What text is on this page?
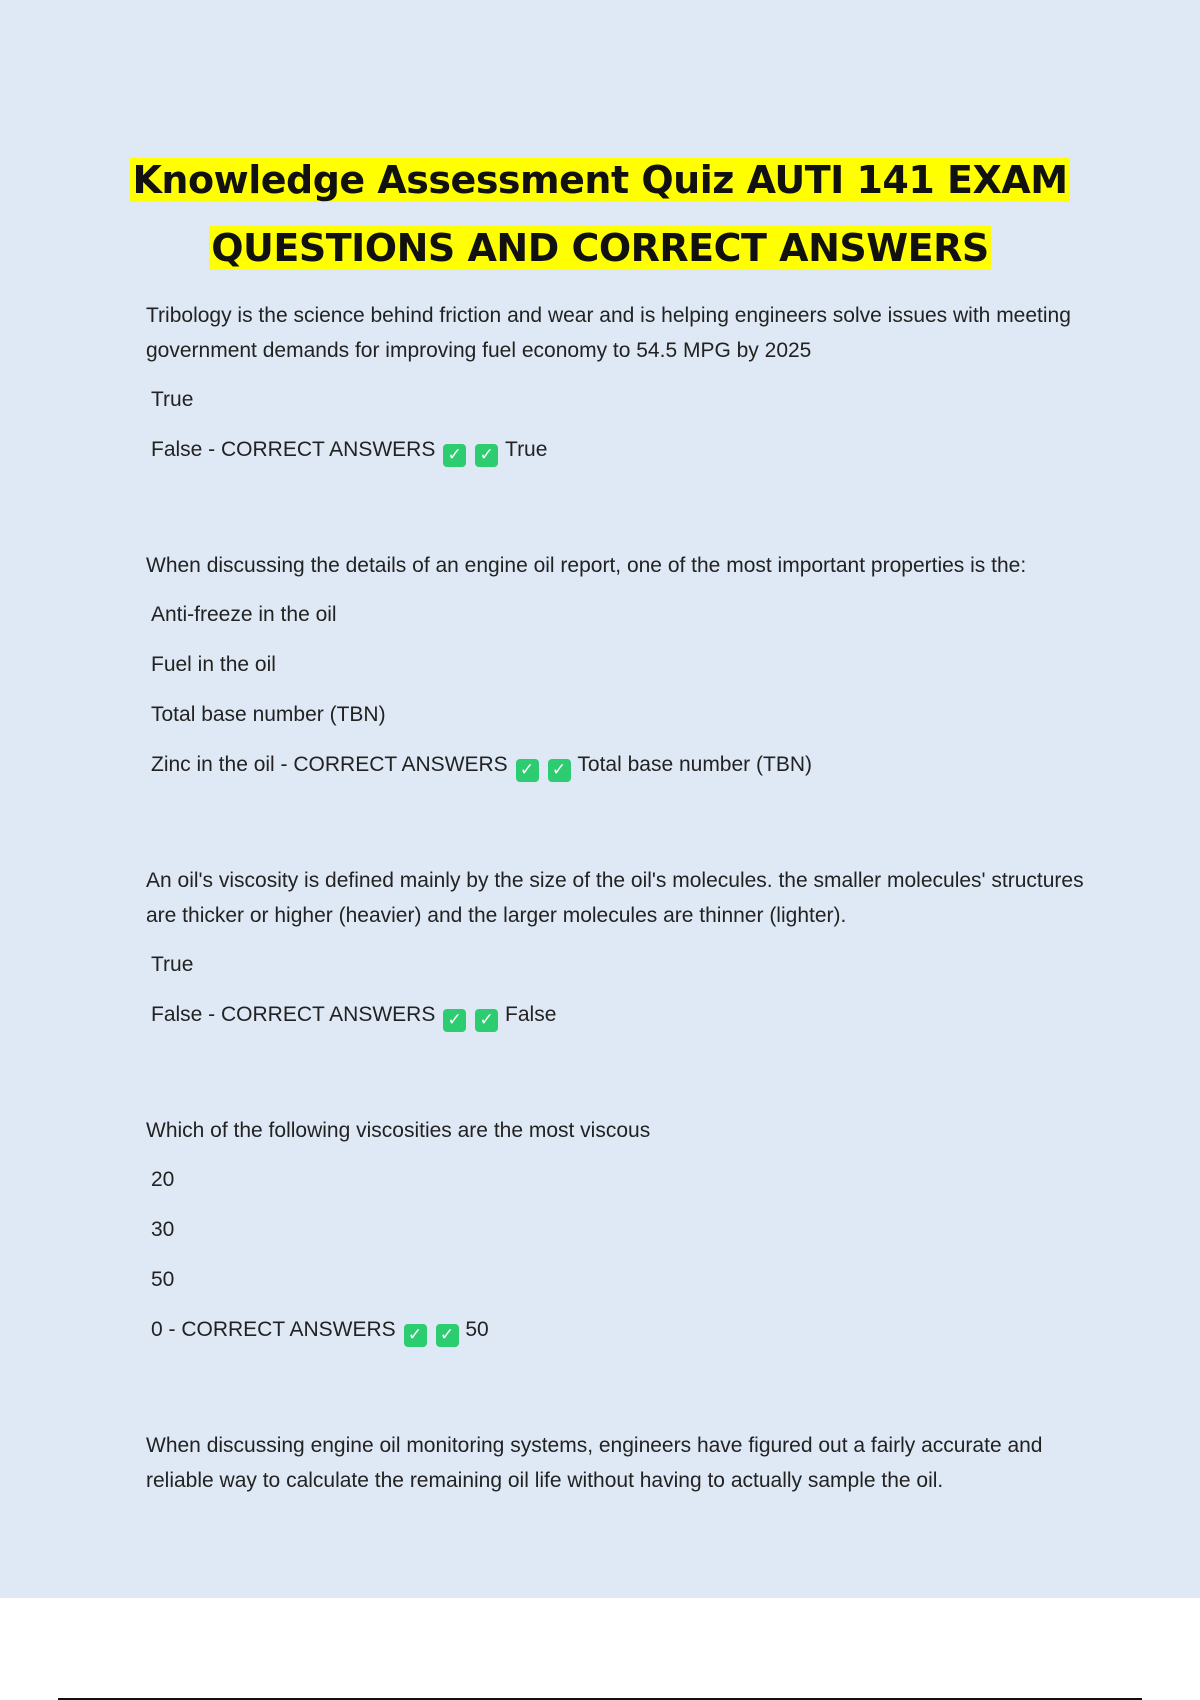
Knowledge Assessment Quiz AUTI 141 EXAM
QUESTIONS AND CORRECT ANSWERS
Tribology is the science behind friction and wear and is helping engineers solve issues with meeting government demands for improving fuel economy to 54.5 MPG by 2025
True
False - CORRECT ANSWERS ✓ ✓ True
When discussing the details of an engine oil report, one of the most important properties is the:
Anti-freeze in the oil
Fuel in the oil
Total base number (TBN)
Zinc in the oil - CORRECT ANSWERS ✓ ✓ Total base number (TBN)
An oil's viscosity is defined mainly by the size of the oil's molecules. the smaller molecules' structures are thicker or higher (heavier) and the larger molecules are thinner (lighter).
True
False - CORRECT ANSWERS ✓ ✓ False
Which of the following viscosities are the most viscous
20
30
50
0 - CORRECT ANSWERS ✓ ✓ 50
When discussing engine oil monitoring systems, engineers have figured out a fairly accurate and reliable way to calculate the remaining oil life without having to actually sample the oil.
